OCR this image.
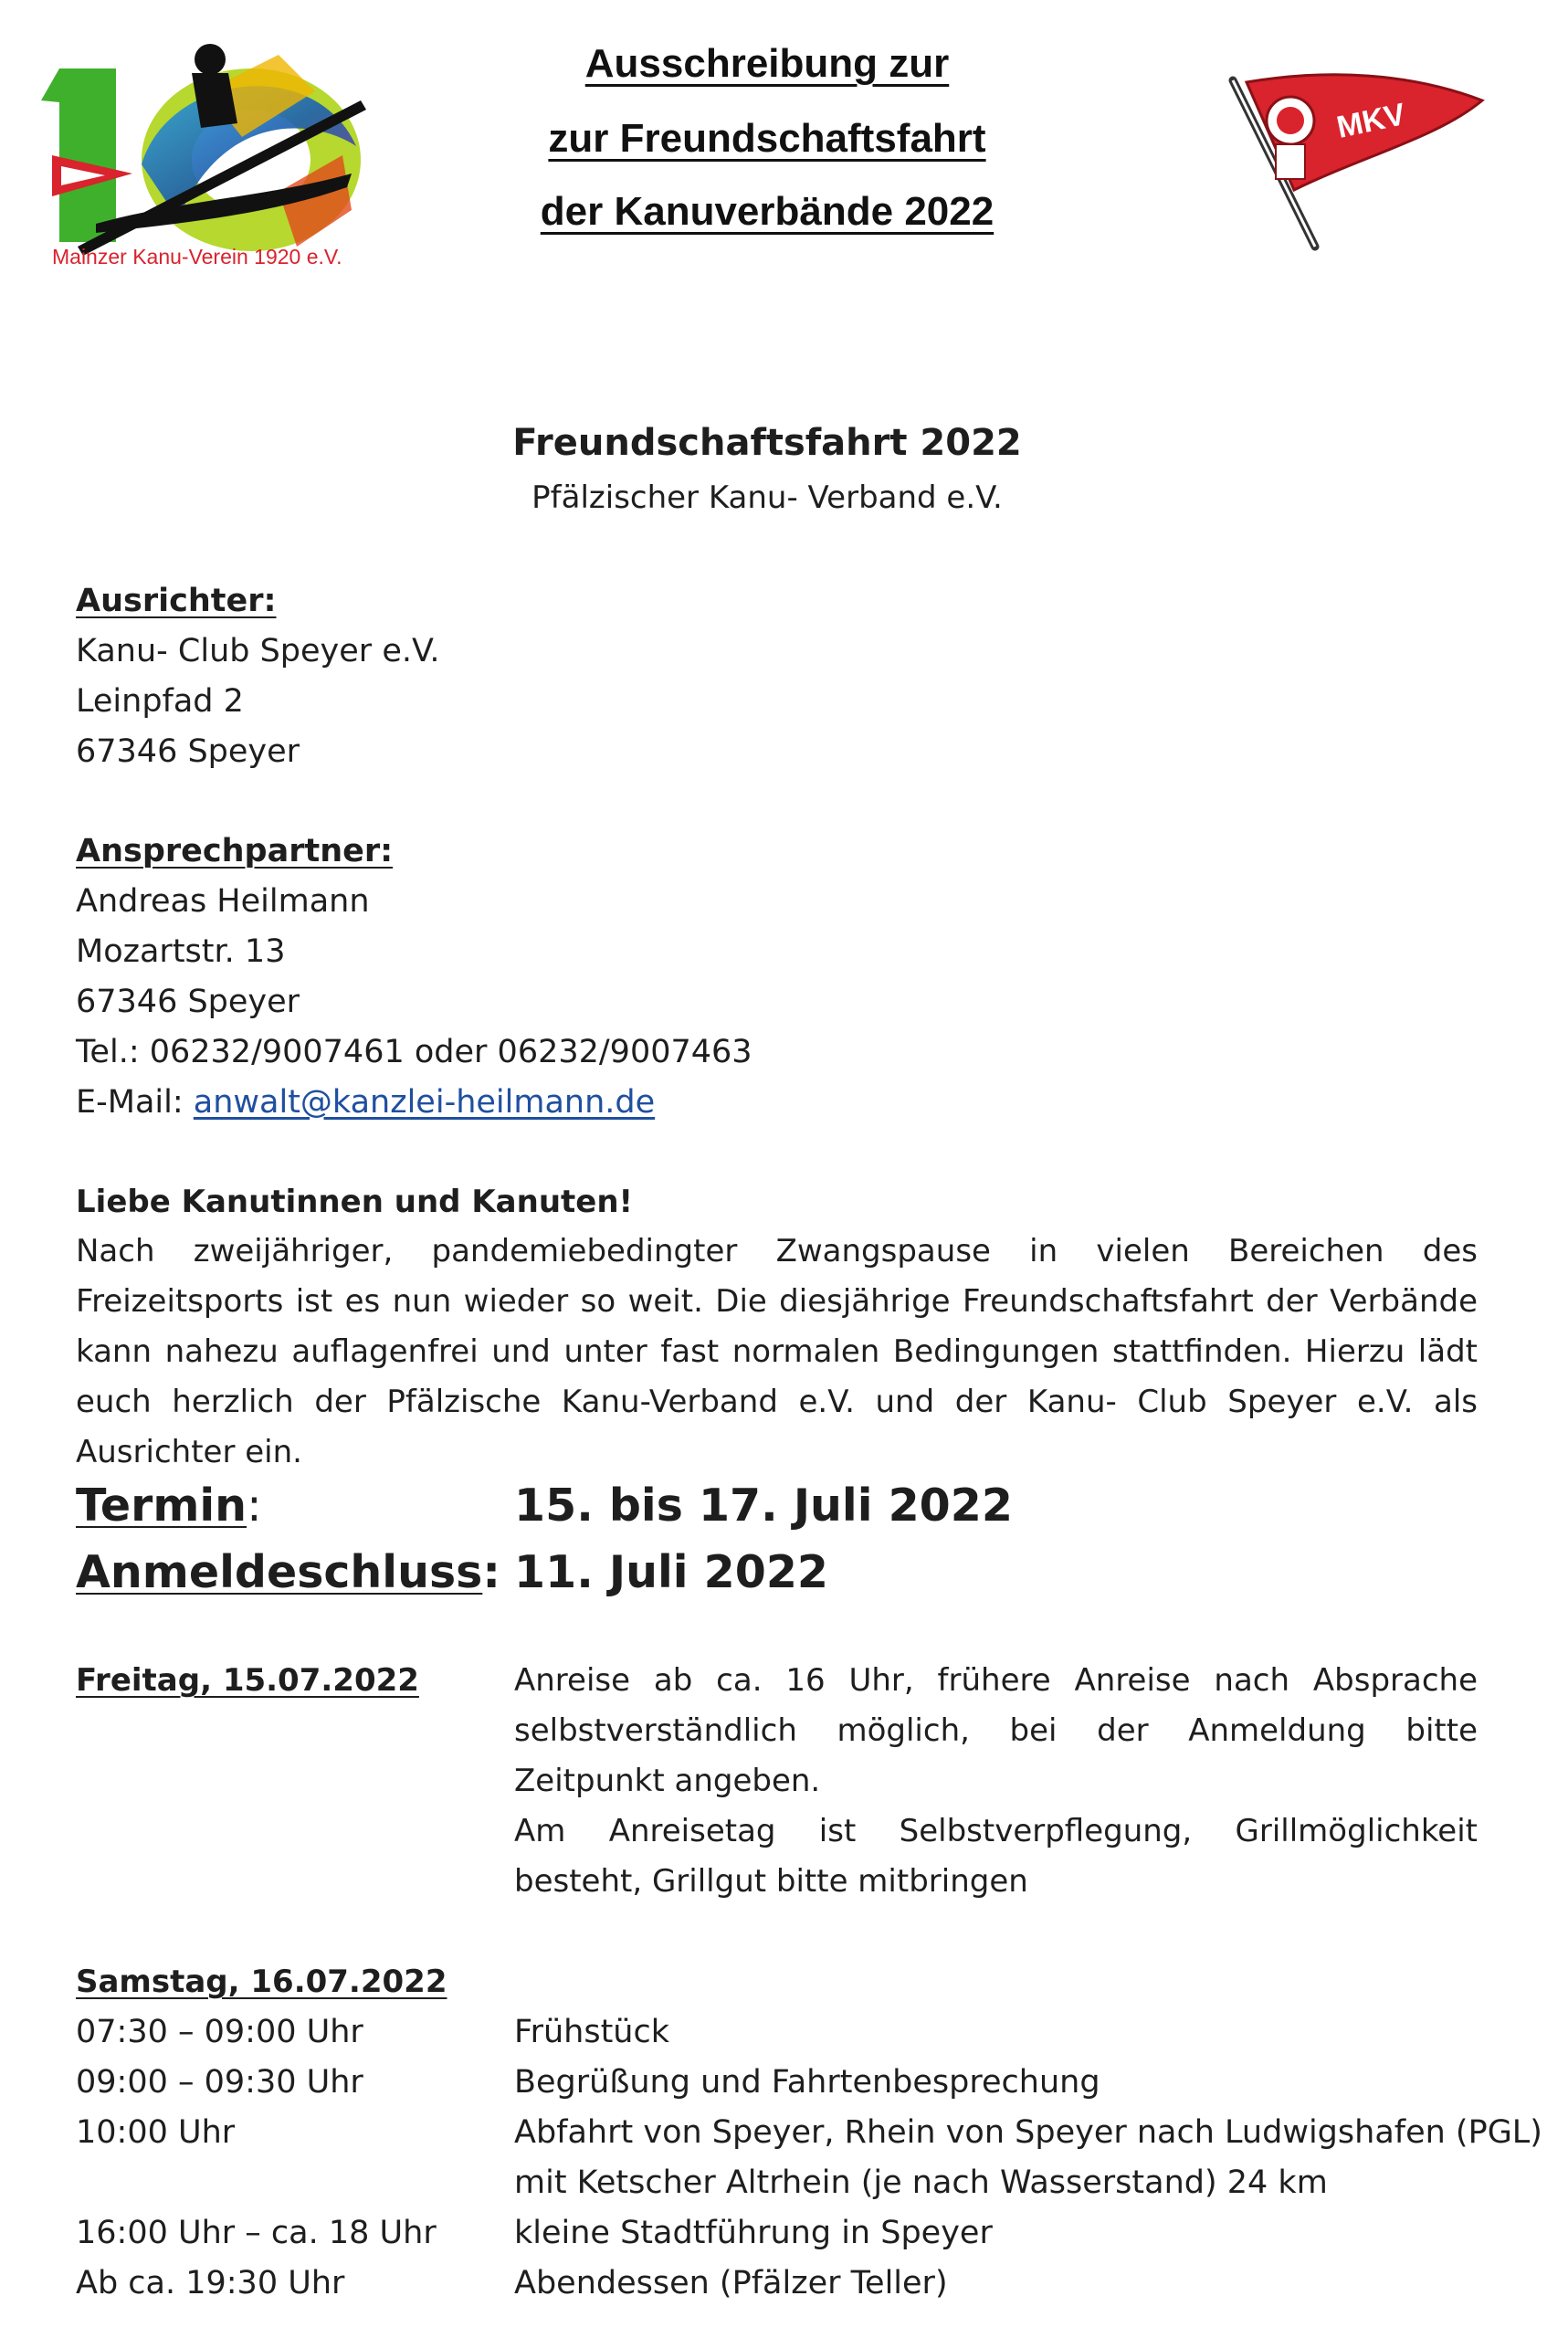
Mainzer Kanu-Verein 1920 e.V.
Ausschreibung zur
zur Freundschaftsfahrt
der Kanuverbände 2022
MKV
Freundschaftsfahrt 2022
Pfälzischer Kanu- Verband e.V.
Ausrichter:
Kanu- Club Speyer e.V.
Leinpfad 2
67346 Speyer
Ansprechpartner:
Andreas Heilmann
Mozartstr. 13
67346 Speyer
Tel.: 06232/9007461 oder 06232/9007463
E-Mail: anwalt@kanzlei-heilmann.de
Liebe Kanutinnen und Kanuten!
Nach zweijähriger, pandemiebedingter Zwangspause in vielen Bereichen des Freizeitsports ist es nun wieder so weit. Die diesjährige Freundschaftsfahrt der Verbände kann nahezu auflagenfrei und unter fast normalen Bedingungen stattfinden. Hierzu lädt euch herzlich der Pfälzische Kanu-Verband e.V. und der Kanu- Club Speyer e.V. als Ausrichter ein.
Termin:	15. bis 17. Juli 2022
Anmeldeschluss: 11. Juli 2022
Freitag, 15.07.2022	Anreise ab ca. 16 Uhr, frühere Anreise nach Absprache selbstverständlich möglich, bei der Anmeldung bitte Zeitpunkt angeben.
Am Anreisetag ist Selbstverpflegung, Grillmöglichkeit besteht, Grillgut bitte mitbringen
Samstag, 16.07.2022
07:30 – 09:00 Uhr	Frühstück
09:00 – 09:30 Uhr	Begrüßung und Fahrtenbesprechung
10:00 Uhr	Abfahrt von Speyer, Rhein von Speyer nach Ludwigshafen (PGL)
mit Ketscher Altrhein (je nach Wasserstand) 24 km
16:00 Uhr – ca. 18 Uhr kleine Stadtführung in Speyer
Ab ca. 19:30 Uhr	Abendessen (Pfälzer Teller)
